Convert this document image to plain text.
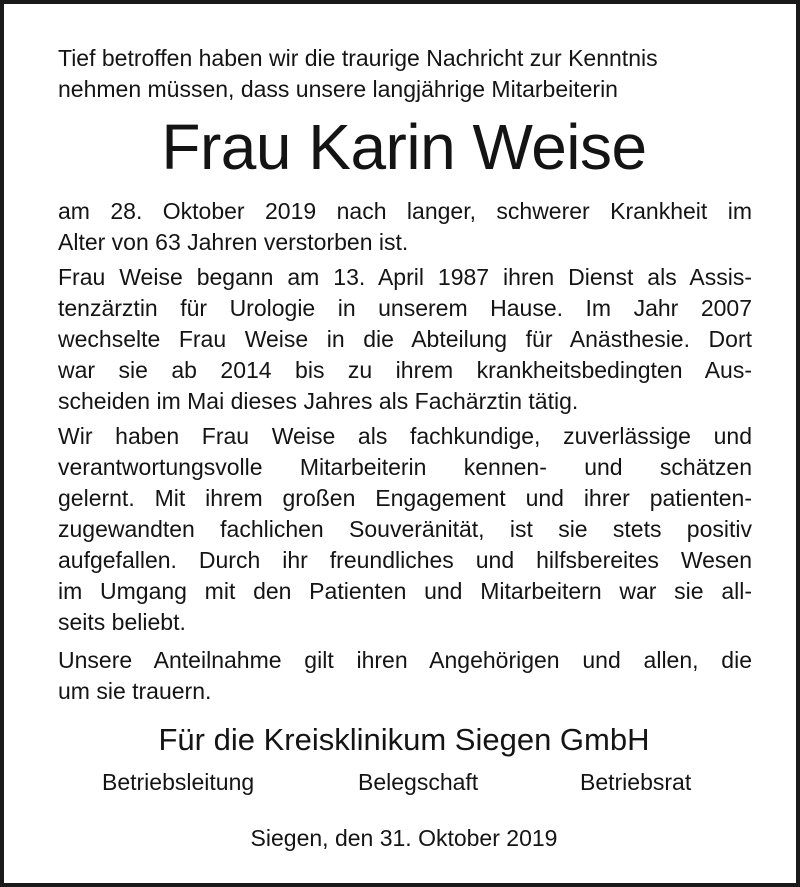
Tief betroffen haben wir die traurige Nachricht zur Kenntnis
nehmen müssen, dass unsere langjährige Mitarbeiterin
Frau Karin Weise
am 28. Oktober 2019 nach langer, schwerer Krankheit im
Alter von 63 Jahren verstorben ist.
Frau Weise begann am 13. April 1987 ihren Dienst als Assis-
tenzärztin für Urologie in unserem Hause. Im Jahr 2007
wechselte Frau Weise in die Abteilung für Anästhesie. Dort
war sie ab 2014 bis zu ihrem krankheitsbedingten Aus-
scheiden im Mai dieses Jahres als Fachärztin tätig.
Wir haben Frau Weise als fachkundige, zuverlässige und
verantwortungsvolle Mitarbeiterin kennen- und schätzen
gelernt. Mit ihrem großen Engagement und ihrer patienten-
zugewandten fachlichen Souveränität, ist sie stets positiv
aufgefallen. Durch ihr freundliches und hilfsbereites Wesen
im Umgang mit den Patienten und Mitarbeitern war sie all-
seits beliebt.
Unsere Anteilnahme gilt ihren Angehörigen und allen, die
um sie trauern.
Für die Kreisklinikum Siegen GmbH
Betriebsleitung	Belegschaft	Betriebsrat
Siegen, den 31. Oktober 2019
